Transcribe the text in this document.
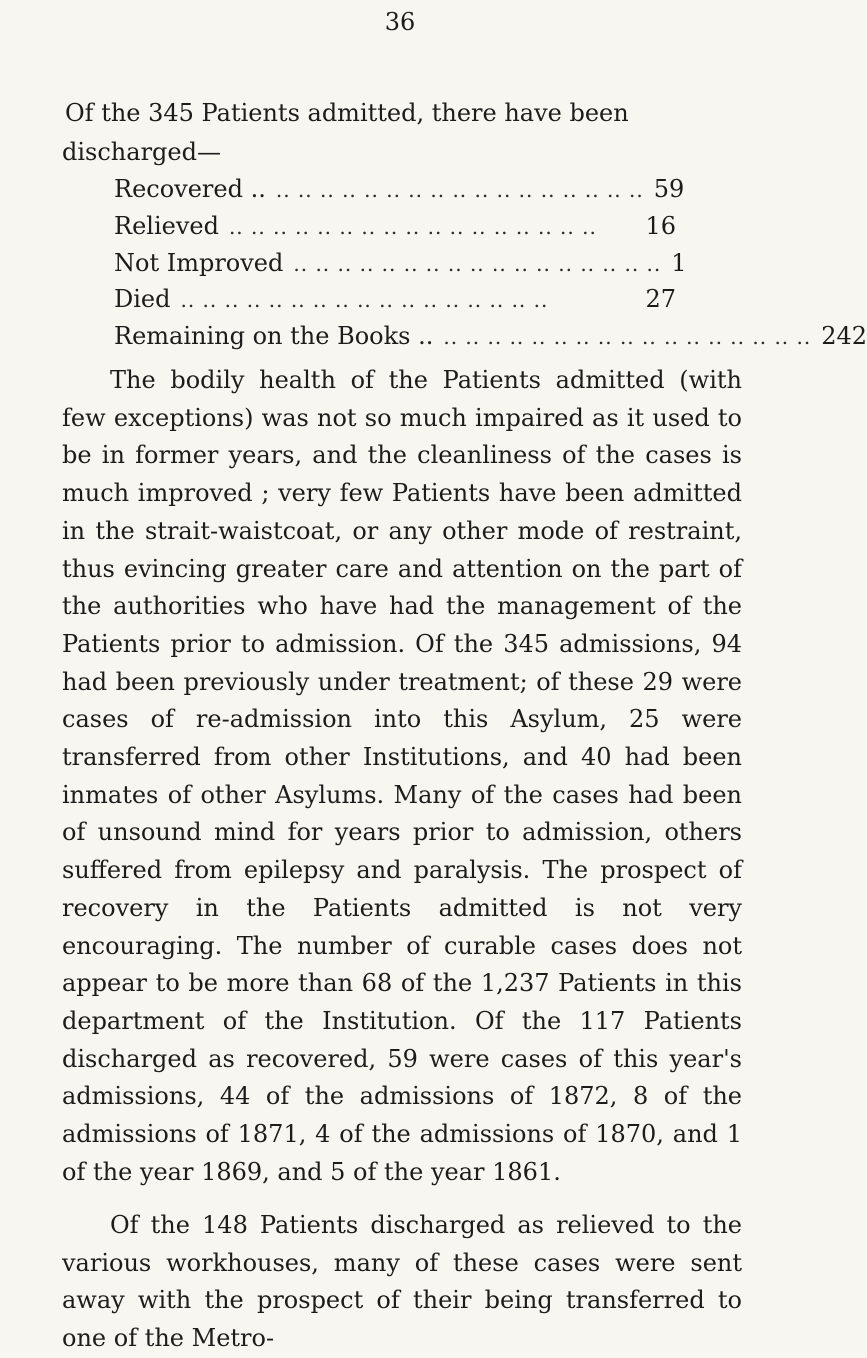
36

Of the 345 Patients admitted, there have been discharged—

Recovered .. .. .. .. .. .. .. .. .. .. .. .. .. .. .. .. .. .. 59
Relieved .. .. .. .. .. .. .. .. .. .. .. .. .. .. .. .. ..	16
Not Improved .. .. .. .. .. .. .. .. .. .. .. .. .. .. .. .. .. 1
Died .. .. .. .. .. .. .. .. .. .. .. .. .. .. .. .. ..	27
Remaining on the Books .. .. .. .. .. .. .. .. .. .. .. .. .. .. .. .. .. .. 242

The bodily health of the Patients admitted (with few exceptions) was not so much impaired as it used to be in former years, and the cleanliness of the cases is much improved ; very few Patients have been admitted in the strait-waistcoat, or any other mode of restraint, thus evincing greater care and attention on the part of the authorities who have had the management of the Patients prior to admission. Of the 345 admissions, 94 had been previously under treatment; of these 29 were cases of re-admission into this Asylum, 25 were transferred from other Institutions, and 40 had been inmates of other Asylums. Many of the cases had been of unsound mind for years prior to admission, others suffered from epilepsy and paralysis. The prospect of recovery in the Patients admitted is not very encouraging. The number of curable cases does not appear to be more than 68 of the 1,237 Patients in this department of the Institution. Of the 117 Patients discharged as recovered, 59 were cases of this year's admissions, 44 of the admissions of 1872, 8 of the admissions of 1871, 4 of the admissions of 1870, and 1 of the year 1869, and 5 of the year 1861.

Of the 148 Patients discharged as relieved to the various workhouses, many of these cases were sent away with the prospect of their being transferred to one of the Metro-
